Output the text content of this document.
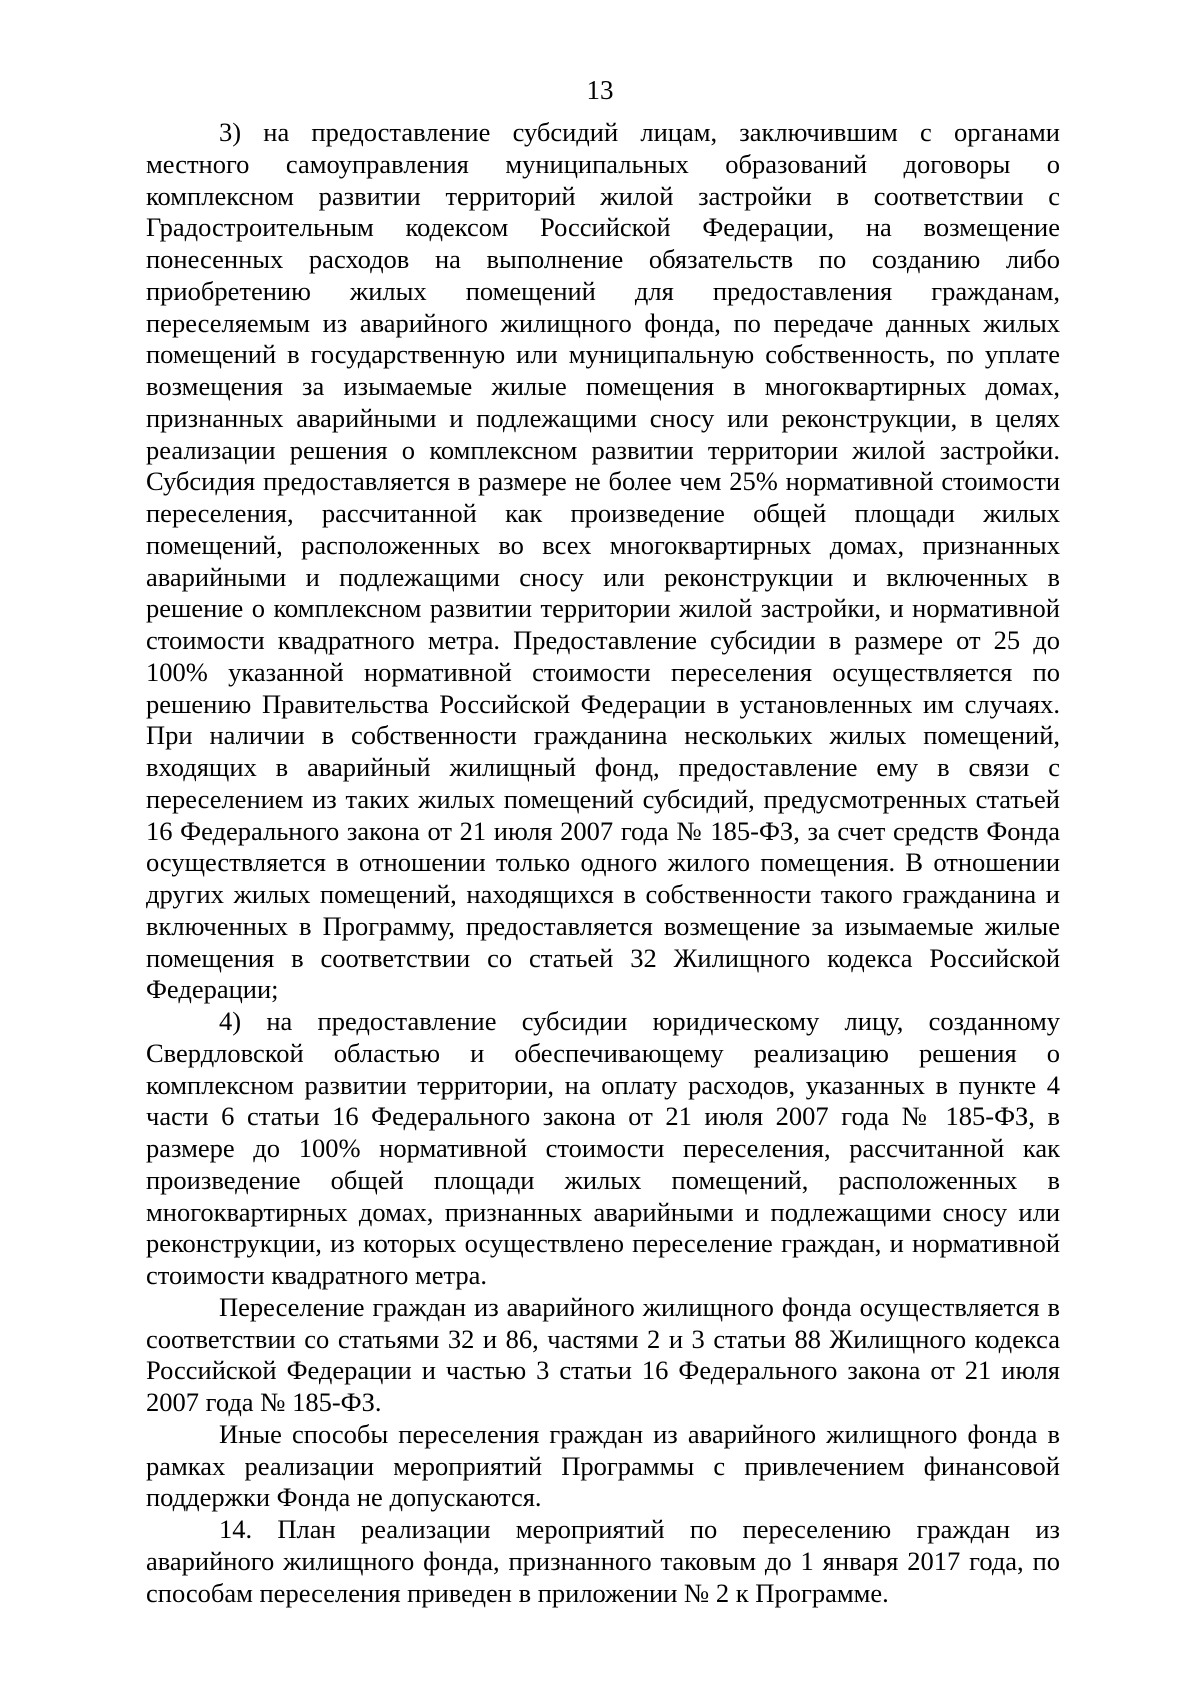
13

3) на предоставление субсидий лицам, заключившим с органами местного самоуправления муниципальных образований договоры о комплексном развитии территорий жилой застройки в соответствии с Градостроительным кодексом Российской Федерации, на возмещение понесенных расходов на выполнение обязательств по созданию либо приобретению жилых помещений для предоставления гражданам, переселяемым из аварийного жилищного фонда, по передаче данных жилых помещений в государственную или муниципальную собственность, по уплате возмещения за изымаемые жилые помещения в многоквартирных домах, признанных аварийными и подлежащими сносу или реконструкции, в целях реализации решения о комплексном развитии территории жилой застройки. Субсидия предоставляется в размере не более чем 25% нормативной стоимости переселения, рассчитанной как произведение общей площади жилых помещений, расположенных во всех многоквартирных домах, признанных аварийными и подлежащими сносу или реконструкции и включенных в решение о комплексном развитии территории жилой застройки, и нормативной стоимости квадратного метра. Предоставление субсидии в размере от 25 до 100% указанной нормативной стоимости переселения осуществляется по решению Правительства Российской Федерации в установленных им случаях. При наличии в собственности гражданина нескольких жилых помещений, входящих в аварийный жилищный фонд, предоставление ему в связи с переселением из таких жилых помещений субсидий, предусмотренных статьей 16 Федерального закона от 21 июля 2007 года № 185-ФЗ, за счет средств Фонда осуществляется в отношении только одного жилого помещения. В отношении других жилых помещений, находящихся в собственности такого гражданина и включенных в Программу, предоставляется возмещение за изымаемые жилые помещения в соответствии со статьей 32 Жилищного кодекса Российской Федерации;

4) на предоставление субсидии юридическому лицу, созданному Свердловской областью и обеспечивающему реализацию решения о комплексном развитии территории, на оплату расходов, указанных в пункте 4 части 6 статьи 16 Федерального закона от 21 июля 2007 года № 185-ФЗ, в размере до 100% нормативной стоимости переселения, рассчитанной как произведение общей площади жилых помещений, расположенных в многоквартирных домах, признанных аварийными и подлежащими сносу или реконструкции, из которых осуществлено переселение граждан, и нормативной стоимости квадратного метра.

Переселение граждан из аварийного жилищного фонда осуществляется в соответствии со статьями 32 и 86, частями 2 и 3 статьи 88 Жилищного кодекса Российской Федерации и частью 3 статьи 16 Федерального закона от 21 июля 2007 года № 185-ФЗ.

Иные способы переселения граждан из аварийного жилищного фонда в рамках реализации мероприятий Программы с привлечением финансовой поддержки Фонда не допускаются.

14. План реализации мероприятий по переселению граждан из аварийного жилищного фонда, признанного таковым до 1 января 2017 года, по способам переселения приведен в приложении № 2 к Программе.
